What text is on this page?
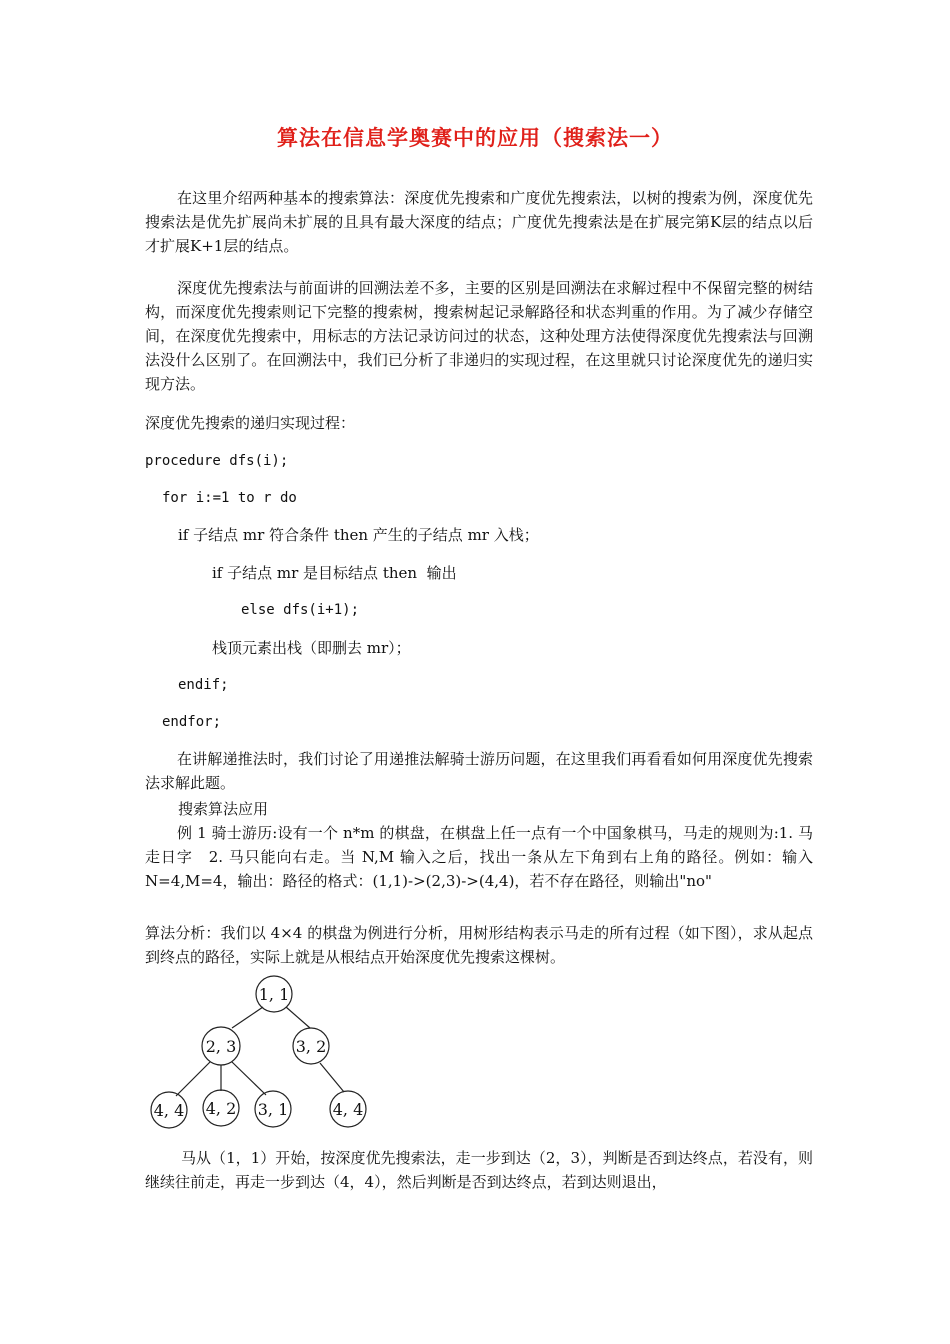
算法在信息学奥赛中的应用（搜索法一）
在这里介绍两种基本的搜索算法：深度优先搜索和广度优先搜索法，以树的搜索为例，深度优先搜索法是优先扩展尚未扩展的且具有最大深度的结点；广度优先搜索法是在扩展完第K层的结点以后才扩展K+1层的结点。
深度优先搜索法与前面讲的回溯法差不多，主要的区别是回溯法在求解过程中不保留完整的树结构，而深度优先搜索则记下完整的搜索树，搜索树起记录解路径和状态判重的作用。为了减少存储空间，在深度优先搜索中，用标志的方法记录访问过的状态，这种处理方法使得深度优先搜索法与回溯法没什么区别了。在回溯法中，我们已分析了非递归的实现过程，在这里就只讨论深度优先的递归实现方法。
深度优先搜索的递归实现过程：
procedure dfs(i);
for i:=1 to r do
if 子结点 mr 符合条件 then 产生的子结点 mr 入栈；
if 子结点 mr 是目标结点 then  输出
else dfs(i+1);
栈顶元素出栈（即删去 mr）；
endif;
endfor;
在讲解递推法时，我们讨论了用递推法解骑士游历问题，在这里我们再看看如何用深度优先搜索法求解此题。
搜索算法应用
例 1 骑士游历:设有一个 n*m 的棋盘，在棋盘上任一点有一个中国象棋马，马走的规则为:1. 马走日字　2. 马只能向右走。当 N,M 输入之后，找出一条从左下角到右上角的路径。例如：输入　N=4,M=4，输出：路径的格式：(1,1)->(2,3)->(4,4)，若不存在路径，则输出"no"
算法分析：我们以 4×4 的棋盘为例进行分析，用树形结构表示马走的所有过程（如下图），求从起点到终点的路径，实际上就是从根结点开始深度优先搜索这棵树。
1, 1
2, 3	3, 2
4, 4 4, 2 3, 1	4, 4
马从（1，1）开始，按深度优先搜索法，走一步到达（2，3），判断是否到达终点，若没有，则继续往前走，再走一步到达（4，4），然后判断是否到达终点，若到达则退出，
